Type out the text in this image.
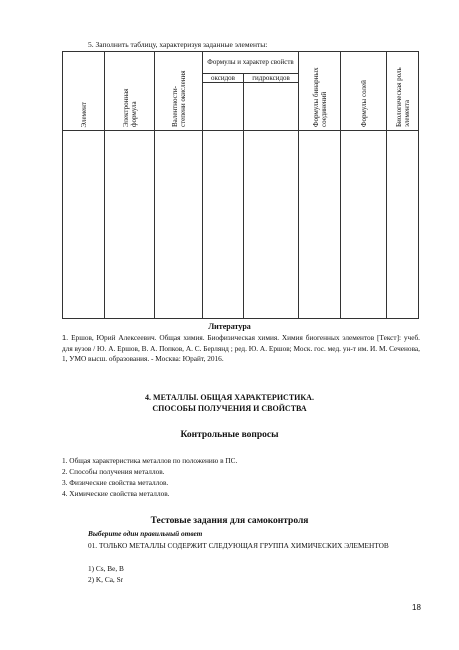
5. Заполнить таблицу, характеризуя заданные элементы:
Элемент	Электронная формула	Валентности-степени окисления	Формулы и характер свойств		Формулы бинарных соединений	Формулы солей	Биологическая роль элемента

			оксидов	гидроксидов			

Литература
1. Ершов, Юрий Алексеевич. Общая химия. Биофизическая химия. Химия биогенных элементов [Текст]: учеб. для вузов / Ю. А. Ершов, В. А. Попков, А. С. Берлянд ; ред. Ю. А. Ершов; Моск. гос. мед. ун-т им. И. М. Сеченова, 1, УМО высш. образования. - Москва: Юрайт, 2016.
4. МЕТАЛЛЫ. ОБЩАЯ ХАРАКТЕРИСТИКА.
СПОСОБЫ ПОЛУЧЕНИЯ И СВОЙСТВА
Контрольные вопросы
1. Общая характеристика металлов по положению в ПС.
2. Способы получения металлов.
3. Физические свойства металлов.
4. Химические свойства металлов.
Тестовые задания для самоконтроля
Выберите один правильный ответ
01. ТОЛЬКО МЕТАЛЛЫ СОДЕРЖИТ СЛЕДУЮЩАЯ ГРУППА ХИМИЧЕСКИХ ЭЛЕМЕНТОВ
1) Cs, Be, B
2) K, Ca, Sr
18
